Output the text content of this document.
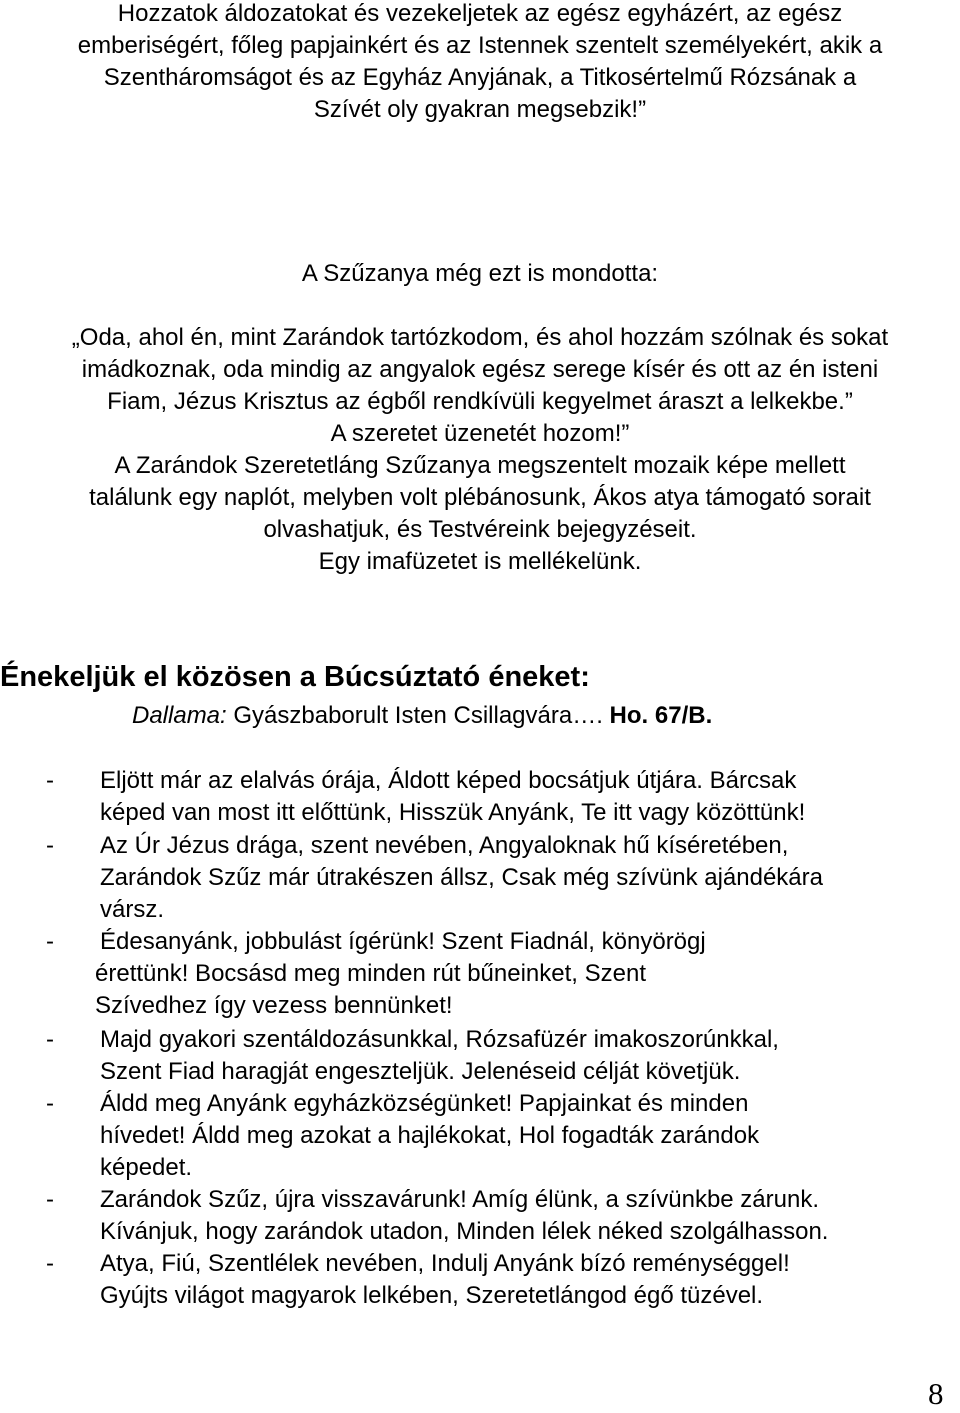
Hozzatok áldozatokat és vezekeljetek az egész egyházért, az egész
emberiségért, főleg papjainkért és az Istennek szentelt személyekért, akik a
Szentháromságot és az Egyház Anyjának, a Titkosértelmű Rózsának a
Szívét oly gyakran megsebzik!”
A Szűzanya még ezt is mondotta:
„Oda, ahol én, mint Zarándok tartózkodom, és ahol hozzám szólnak és sokat
imádkoznak, oda mindig az angyalok egész serege kísér és ott az én isteni
Fiam, Jézus Krisztus az égből rendkívüli kegyelmet áraszt a lelkekbe.”
A szeretet üzenetét hozom!”
A Zarándok Szeretetláng Szűzanya megszentelt mozaik képe mellett
találunk egy naplót, melyben volt plébánosunk, Ákos atya támogató sorait
olvashatjuk, és Testvéreink bejegyzéseit.
Egy imafüzetet is mellékelünk.
Énekeljük el közösen a Búcsúztató éneket:
Dallama: Gyászbaborult Isten Csillagvára…. Ho. 67/B.
- Eljött már az elalvás órája, Áldott képed bocsátjuk útjára. Bárcsak
képed van most itt előttünk, Hisszük Anyánk, Te itt vagy közöttünk!
- Az Úr Jézus drága, szent nevében, Angyaloknak hű kíséretében,
Zarándok Szűz már útrakészen állsz, Csak még szívünk ajándékára
vársz.
- Édesanyánk, jobbulást ígérünk! Szent Fiadnál, könyörögj
érettünk! Bocsásd meg minden rút bűneinket, Szent
Szívedhez így vezess bennünket!
- Majd gyakori szentáldozásunkkal, Rózsafüzér imakoszorúnkkal,
Szent Fiad haragját engeszteljük. Jelenéseid célját követjük.
- Áldd meg Anyánk egyházközségünket! Papjainkat és minden
hívedet! Áldd meg azokat a hajlékokat, Hol fogadták zarándok
képedet.
- Zarándok Szűz, újra visszavárunk! Amíg élünk, a szívünkbe zárunk.
Kívánjuk, hogy zarándok utadon, Minden lélek néked szolgálhasson.
- Atya, Fiú, Szentlélek nevében, Indulj Anyánk bízó reménységgel!
Gyújts világot magyarok lelkében, Szeretetlángod égő tüzével.
8
